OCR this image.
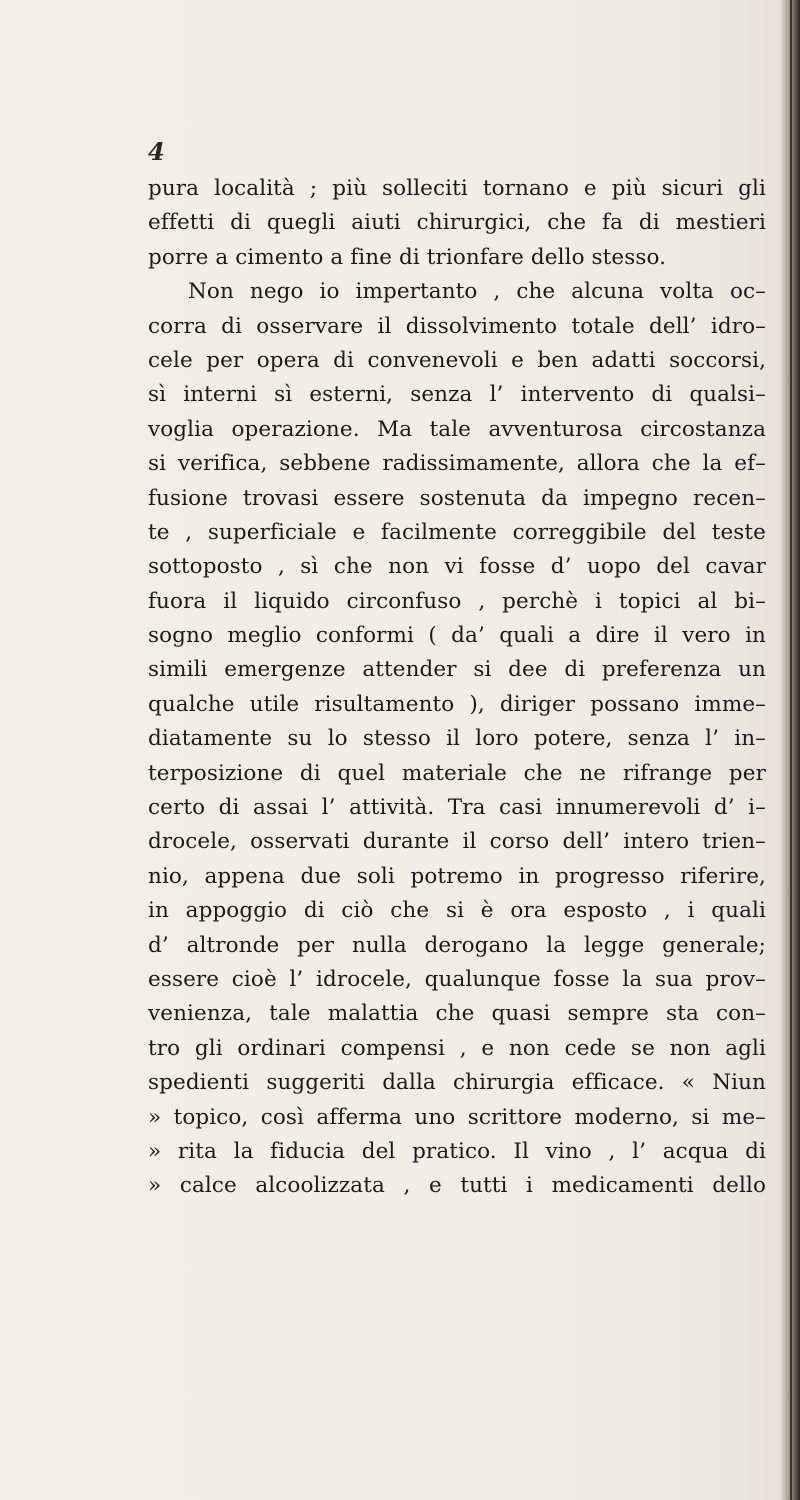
4
pura località ; più solleciti tornano e più sicuri gli
effetti di quegli aiuti chirurgici, che fa di mestieri
porre a cimento a fine di trionfare dello stesso.
Non nego io impertanto , che alcuna volta oc–
corra di osservare il dissolvimento totale dell’ idro–
cele per opera di convenevoli e ben adatti soccorsi,
sì interni sì esterni, senza l’ intervento di qualsi–
voglia operazione. Ma tale avventurosa circostanza
si verifica, sebbene radissimamente, allora che la ef–
fusione trovasi essere sostenuta da impegno recen–
te , superficiale e facilmente correggibile del teste
sottoposto , sì che non vi fosse d’ uopo del cavar
fuora il liquido circonfuso , perchè i topici al bi–
sogno meglio conformi ( da’ quali a dire il vero in
simili emergenze attender si dee di preferenza un
qualche utile risultamento ), diriger possano imme–
diatamente su lo stesso il loro potere, senza l’ in–
terposizione di quel materiale che ne rifrange per
certo di assai l’ attività. Tra casi innumerevoli d’ i–
drocele, osservati durante il corso dell’ intero trien–
nio, appena due soli potremo in progresso riferire,
in appoggio di ciò che si è ora esposto , i quali
d’ altronde per nulla derogano la legge generale;
essere cioè l’ idrocele, qualunque fosse la sua prov–
venienza, tale malattia che quasi sempre sta con–
tro gli ordinari compensi , e non cede se non agli
spedienti suggeriti dalla chirurgia efficace. « Niun
» topico, così afferma uno scrittore moderno, si me–
» rita la fiducia del pratico. Il vino , l’ acqua di
» calce alcoolizzata , e tutti i medicamenti dello
